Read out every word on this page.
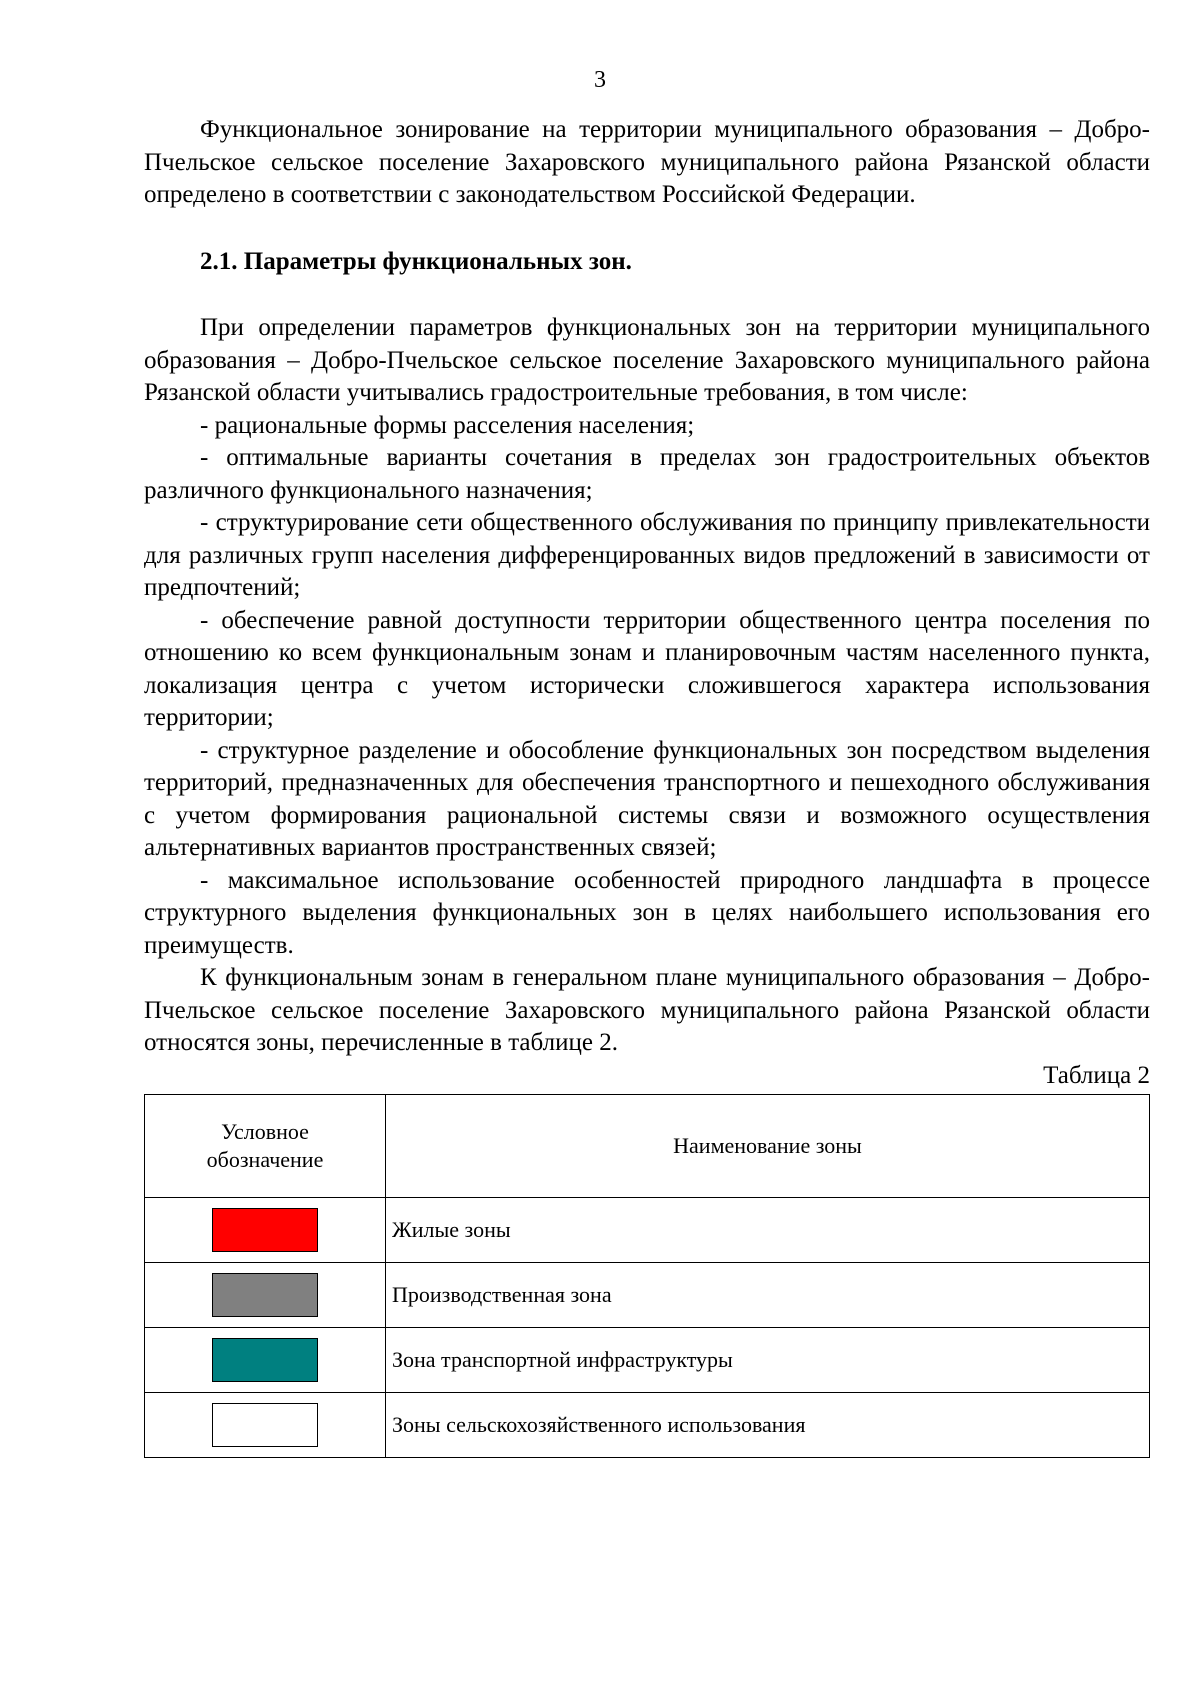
3

Функциональное зонирование на территории муниципального образования – Добро-Пчельское сельское поселение Захаровского муниципального района Рязанской области определено в соответствии с законодательством Российской Федерации.

2.1. Параметры функциональных зон.

При определении параметров функциональных зон на территории муниципального образования – Добро-Пчельское сельское поселение Захаровского муниципального района Рязанской области учитывались градостроительные требования, в том числе:

- рациональные формы расселения населения;

- оптимальные варианты сочетания в пределах зон градостроительных объектов различного функционального назначения;

- структурирование сети общественного обслуживания по принципу привлекательности для различных групп населения дифференцированных видов предложений в зависимости от предпочтений;

- обеспечение равной доступности территории общественного центра поселения по отношению ко всем функциональным зонам и планировочным частям населенного пункта, локализация центра с учетом исторически сложившегося характера использования территории;

- структурное разделение и обособление функциональных зон посредством выделения территорий, предназначенных для обеспечения транспортного и пешеходного обслуживания с учетом формирования рациональной системы связи и возможного осуществления альтернативных вариантов пространственных связей;

- максимальное использование особенностей природного ландшафта в процессе структурного выделения функциональных зон в целях наибольшего использования его преимуществ.

К функциональным зонам в генеральном плане муниципального образования – Добро-Пчельское сельское поселение Захаровского муниципального района Рязанской области относятся зоны, перечисленные в таблице 2.

Таблица 2

Условное обозначение	Наименование зоны
	Жилые зоны
	Производственная зона
	Зона транспортной инфраструктуры
	Зоны сельскохозяйственного использования
